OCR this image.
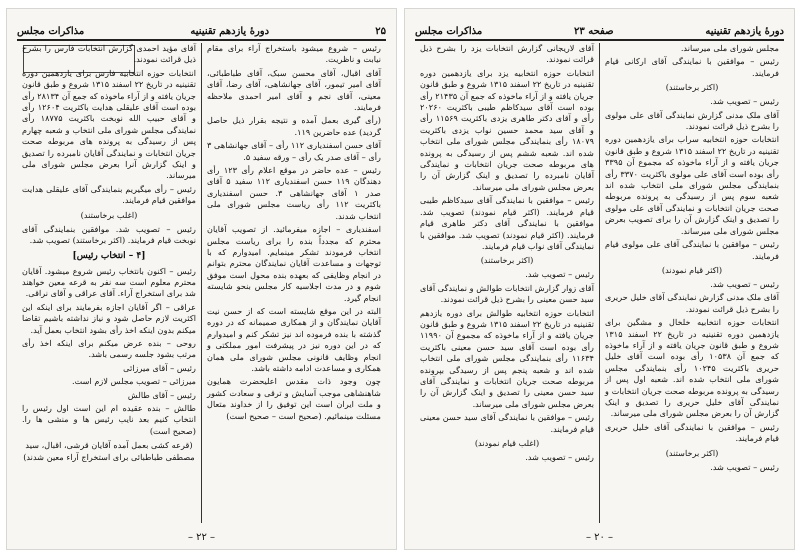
۲۵
دورۀ یازدهم تقنینیه
مذاکرات مجلس
رئیس – شروع میشود باستخراج آراء برای مقام نیابت و ناظریت.
آقای اقبال، آقای محسن سبک، آقای طباطبائی، آقای امیر تیمور، آقای جهانشاهی، آقای رضا، آقای معینی، آقای نجم و آقای امیر احمدی ملاحظه فرمایند.
(رأی گیری بعمل آمده و نتیجه بقرار ذیل حاصل گردید) عده حاضرین ۱۱۹.
آقای حسن اسفندیاری ۱۱۲ رأی – آقای جهانشاهی ۳ رأی – آقای صدر یک رأی – ورقه سفید ۵.
رئیس – عده حاضر در موقع اعلام رأی ۱۲۳ رأی دهندگان ۱۱۹ حسن اسفندیاری ۱۱۲ سفید ۵ آقای صدر ۱ آقای جهانشاهی ۳. حسن اسفندیاری باکثریت ۱۱۲ رأی ریاست مجلس شورای ملی انتخاب شدند.
اسفندیاری – اجازه میفرمائید. از تصویب آقایان محترم که مجدداً بنده را برای ریاست مجلس انتخاب فرمودند تشکر مینمایم. امیدوارم که با توجهات و مساعدت آقایان نمایندگان محترم بتوانم در انجام وظایفی که بعهده بنده محول است موفق شوم و در مدت اجلاسیه کار مجلس بنحو شایسته انجام گیرد.
البته در این موقع شایسته است که از حسن نیت آقایان نمایندگان و از همکاری صمیمانه که در دوره گذشته با بنده فرموده اند نیز تشکر کنم و امیدوارم که در این دوره نیز در پیشرفت امور مملکتی و انجام وظایف قانونی مجلس شورای ملی همان همکاری و مساعدت ادامه داشته باشد.
چون وجود ذات مقدس اعلیحضرت همایون شاهنشاهی موجب آسایش و ترقی و سعادت کشور و ملت ایران است این توفیق را از خداوند متعال مسئلت مینمائیم. (صحیح است – صحیح است)
آقای مؤید احمدی گزارش انتخابات فارس را بشرح ذیل قرائت نمودند.
انتخابات حوزه انتخابیه فارس برای یازدهمین دوره تقنینیه در تاریخ ۲۲ اسفند ۱۳۱۵ شروع و طبق قانون جریان یافته و از آراء ماخوذه که جمع آن ۲۸۱۳۴ رأی بوده است آقای علیقلی هدایت باکثریت ۱۲۶۰۴ رأی و آقای حبیب الله نوبخت باکثریت ۱۸۷۷۵ رأی نمایندگی مجلس شورای ملی انتخاب و شعبه چهارم پس از رسیدگی به پرونده های مربوطه صحت جریان انتخابات و نمایندگی آقایان نامبرده را تصدیق و اینک گزارش آنرا بعرض مجلس شورای ملی میرساند.
رئیس – رأی میگیریم بنمایندگی آقای علیقلی هدایت موافقین قیام فرمایند.
(اغلب برخاستند)
رئیس – تصویب شد. موافقین بنمایندگی آقای نوبخت قیام فرمایند. (اکثر برخاستند) تصویب شد.
[۴ – انتخاب رئیس]
رئیس – اکنون بانتخاب رئیس شروع میشود. آقایان محترم معلوم است سه نفر به قرعه معین خواهند شد برای استخراج آراء. آقای عراقی و آقای نراقی.
عراقی – اگر آقایان اجازه بفرمایند برای اینکه این اکثریت لازم حاصل شود و نیاز نداشته باشیم تقاضا میکنم بدون اینکه اخذ رأی بشود انتخاب بعمل آید.
روحی – بنده عرض میکنم برای اینکه اخذ رأی مرتب بشود جلسه رسمی باشد.
رئیس – آقای میرزائی
میرزائی – تصویب مجلس لازم است.
رئیس – آقای طالش
طالش – بنده عقیده ام این است اول رئیس را انتخاب کنیم بعد نایب رئیس ها و منشی ها را. (صحیح است)
(قرعه کشی بعمل آمده آقایان قرشی، اقبال، سید مصطفی طباطبائی برای استخراج آراء معین شدند)
– ۲۲ –
دورۀ یازدهم تقنینیه
صفحه ۲۳
مذاکرات مجلس
مجلس شورای ملی میرساند.
رئیس – موافقین با نمایندگی آقای ارکانی قیام فرمایند.
(اکثر برخاستند)
رئیس – تصویب شد.
آقای ملک مدنی گزارش نمایندگی آقای علی مولوی را بشرح ذیل قرائت نمودند.
انتخابات حوزه انتخابیه سراب برای یازدهمین دوره تقنینیه در تاریخ ۲۲ اسفند ۱۳۱۵ شروع و طبق قانون جریان یافته و از آراء ماخوذه که مجموع آن ۳۳۹۵ رأی بوده است آقای علی مولوی باکثریت ۳۳۷۰ رأی بنمایندگی مجلس شورای ملی انتخاب شده اند شعبه سوم پس از رسیدگی به پرونده مربوطه صحت جریان انتخابات و نمایندگی آقای علی مولوی را تصدیق و اینک گزارش آن را برای تصویب بعرض مجلس شورای ملی میرساند.
رئیس – موافقین با نمایندگی آقای علی مولوی قیام فرمایند.
(اکثر قیام نمودند)
رئیس – تصویب شد.
آقای ملک مدنی گزارش نمایندگی آقای خلیل حریری را بشرح ذیل قرائت نمودند.
انتخابات حوزه انتخابیه خلخال و مشگین برای یازدهمین دوره تقنینیه در تاریخ ۲۲ اسفند ۱۳۱۵ شروع و طبق قانون جریان یافته و از آراء ماخوذه که جمع آن ۱۰۵۳۸ رأی بوده است آقای خلیل حریری باکثریت ۱۰۲۴۵ رأی بنمایندگی مجلس شورای ملی انتخاب شده اند. شعبه اول پس از رسیدگی به پرونده مربوطه صحت جریان انتخابات و نمایندگی آقای خلیل حریری را تصدیق و اینک گزارش آن را بعرض مجلس شورای ملی میرساند.
رئیس – موافقین با نمایندگی آقای خلیل حریری قیام فرمایند.
(اکثر برخاستند)
رئیس – تصویب شد.
آقای لاریجانی گزارش انتخابات یزد را بشرح ذیل قرائت نمودند.
انتخابات حوزه انتخابیه یزد برای یازدهمین دوره تقنینیه در تاریخ ۲۲ اسفند ۱۳۱۵ شروع و طبق قانون جریان یافته و از آراء ماخوذه که جمع آن ۲۱۴۳۵ رأی بوده است آقای سیدکاظم طیبی باکثریت ۲۰۲۶۰ رأی و آقای دکتر طاهری یزدی باکثریت ۱۱۵۶۹ رأی و آقای سید محمد حسین نواب یزدی باکثریت ۱۸۰۷۹ رأی بنمایندگی مجلس شورای ملی انتخاب شده اند. شعبه ششم پس از رسیدگی به پرونده های مربوطه صحت جریان انتخابات و نمایندگی آقایان نامبرده را تصدیق و اینک گزارش آن را بعرض مجلس شورای ملی میرساند.
رئیس – موافقین با نمایندگی آقای سیدکاظم طیبی قیام فرمایند. (اکثر قیام نمودند) تصویب شد. موافقین با نمایندگی آقای دکتر طاهری قیام فرمایند. (اکثر قیام نمودند) تصویب شد. موافقین با نمایندگی آقای نواب قیام فرمایند.
(اکثر برخاستند)
رئیس – تصویب شد.
آقای زوار گزارش انتخابات طوالش و نمایندگی آقای سید حسن معینی را بشرح ذیل قرائت نمودند.
انتخابات حوزه انتخابیه طوالش برای دوره یازدهم تقنینیه در تاریخ ۲۲ اسفند ۱۳۱۵ شروع و طبق قانون جریان یافته و از آراء ماخوذه که مجموع آن ۱۱۹۹۰ رأی بوده است آقای سید حسن معینی باکثریت ۱۱۶۳۴ رأی بنمایندگی مجلس شورای ملی انتخاب شده اند و شعبه پنجم پس از رسیدگی بپرونده مربوطه صحت جریان انتخابات و نمایندگی آقای سید حسن معینی را تصدیق و اینک گزارش آن را بعرض مجلس شورای ملی میرساند.
رئیس – موافقین با نمایندگی آقای سید حسن معینی قیام فرمایند.
(اغلب قیام نمودند)
رئیس – تصویب شد.
– ۲۰ –
